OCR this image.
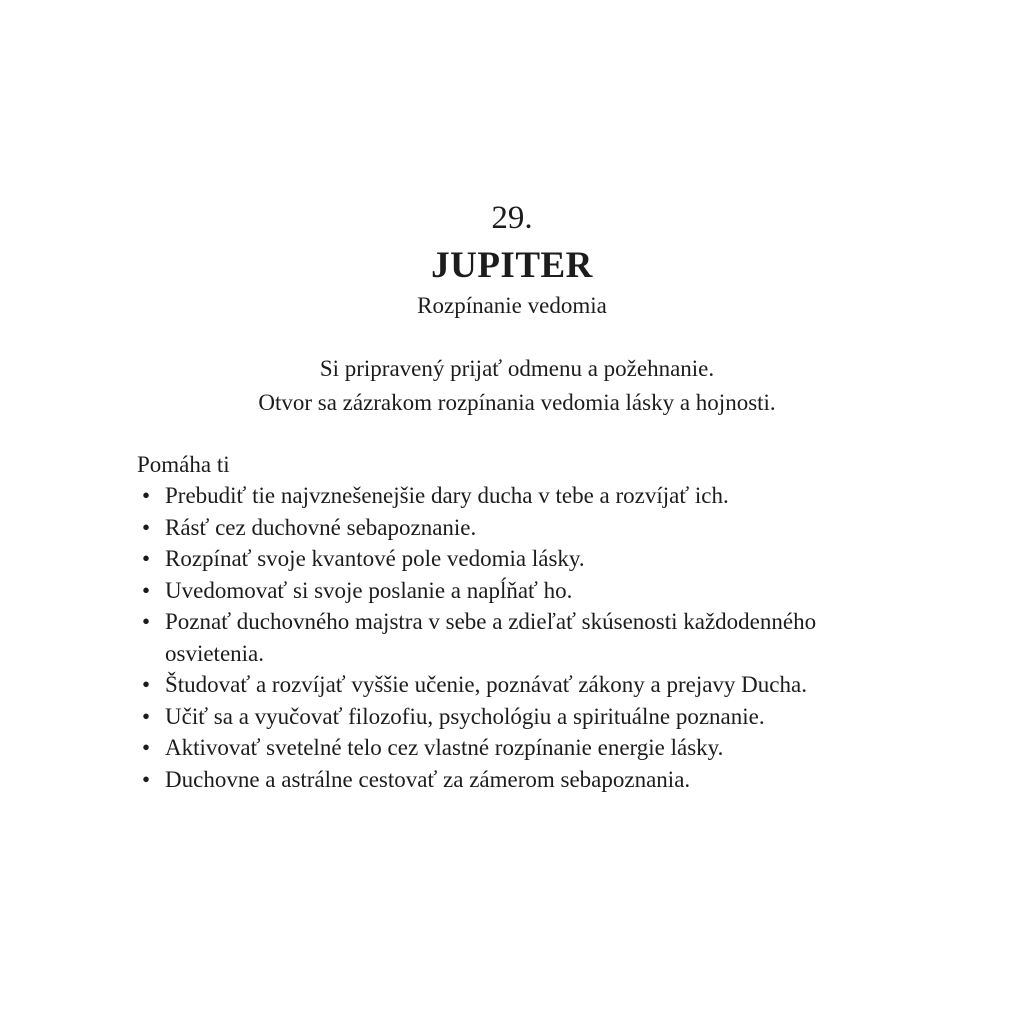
29.
JUPITER
Rozpínanie vedomia
Si pripravený prijať odmenu a požehnanie.
Otvor sa zázrakom rozpínania vedomia lásky a hojnosti.
Pomáha ti
• Prebudiť tie najvznešenejšie dary ducha v tebe a rozvíjať ich.
• Rásť cez duchovné sebapoznanie.
• Rozpínať svoje kvantové pole vedomia lásky.
• Uvedomovať si svoje poslanie a napĺňať ho.
• Poznať duchovného majstra v sebe a zdieľať skúsenosti každodenného osvietenia.
• Študovať a rozvíjať vyššie učenie, poznávať zákony a prejavy Ducha.
• Učiť sa a vyučovať filozofiu, psychológiu a spirituálne poznanie.
• Aktivovať svetelné telo cez vlastné rozpínanie energie lásky.
• Duchovne a astrálne cestovať za zámerom sebapoznania.
